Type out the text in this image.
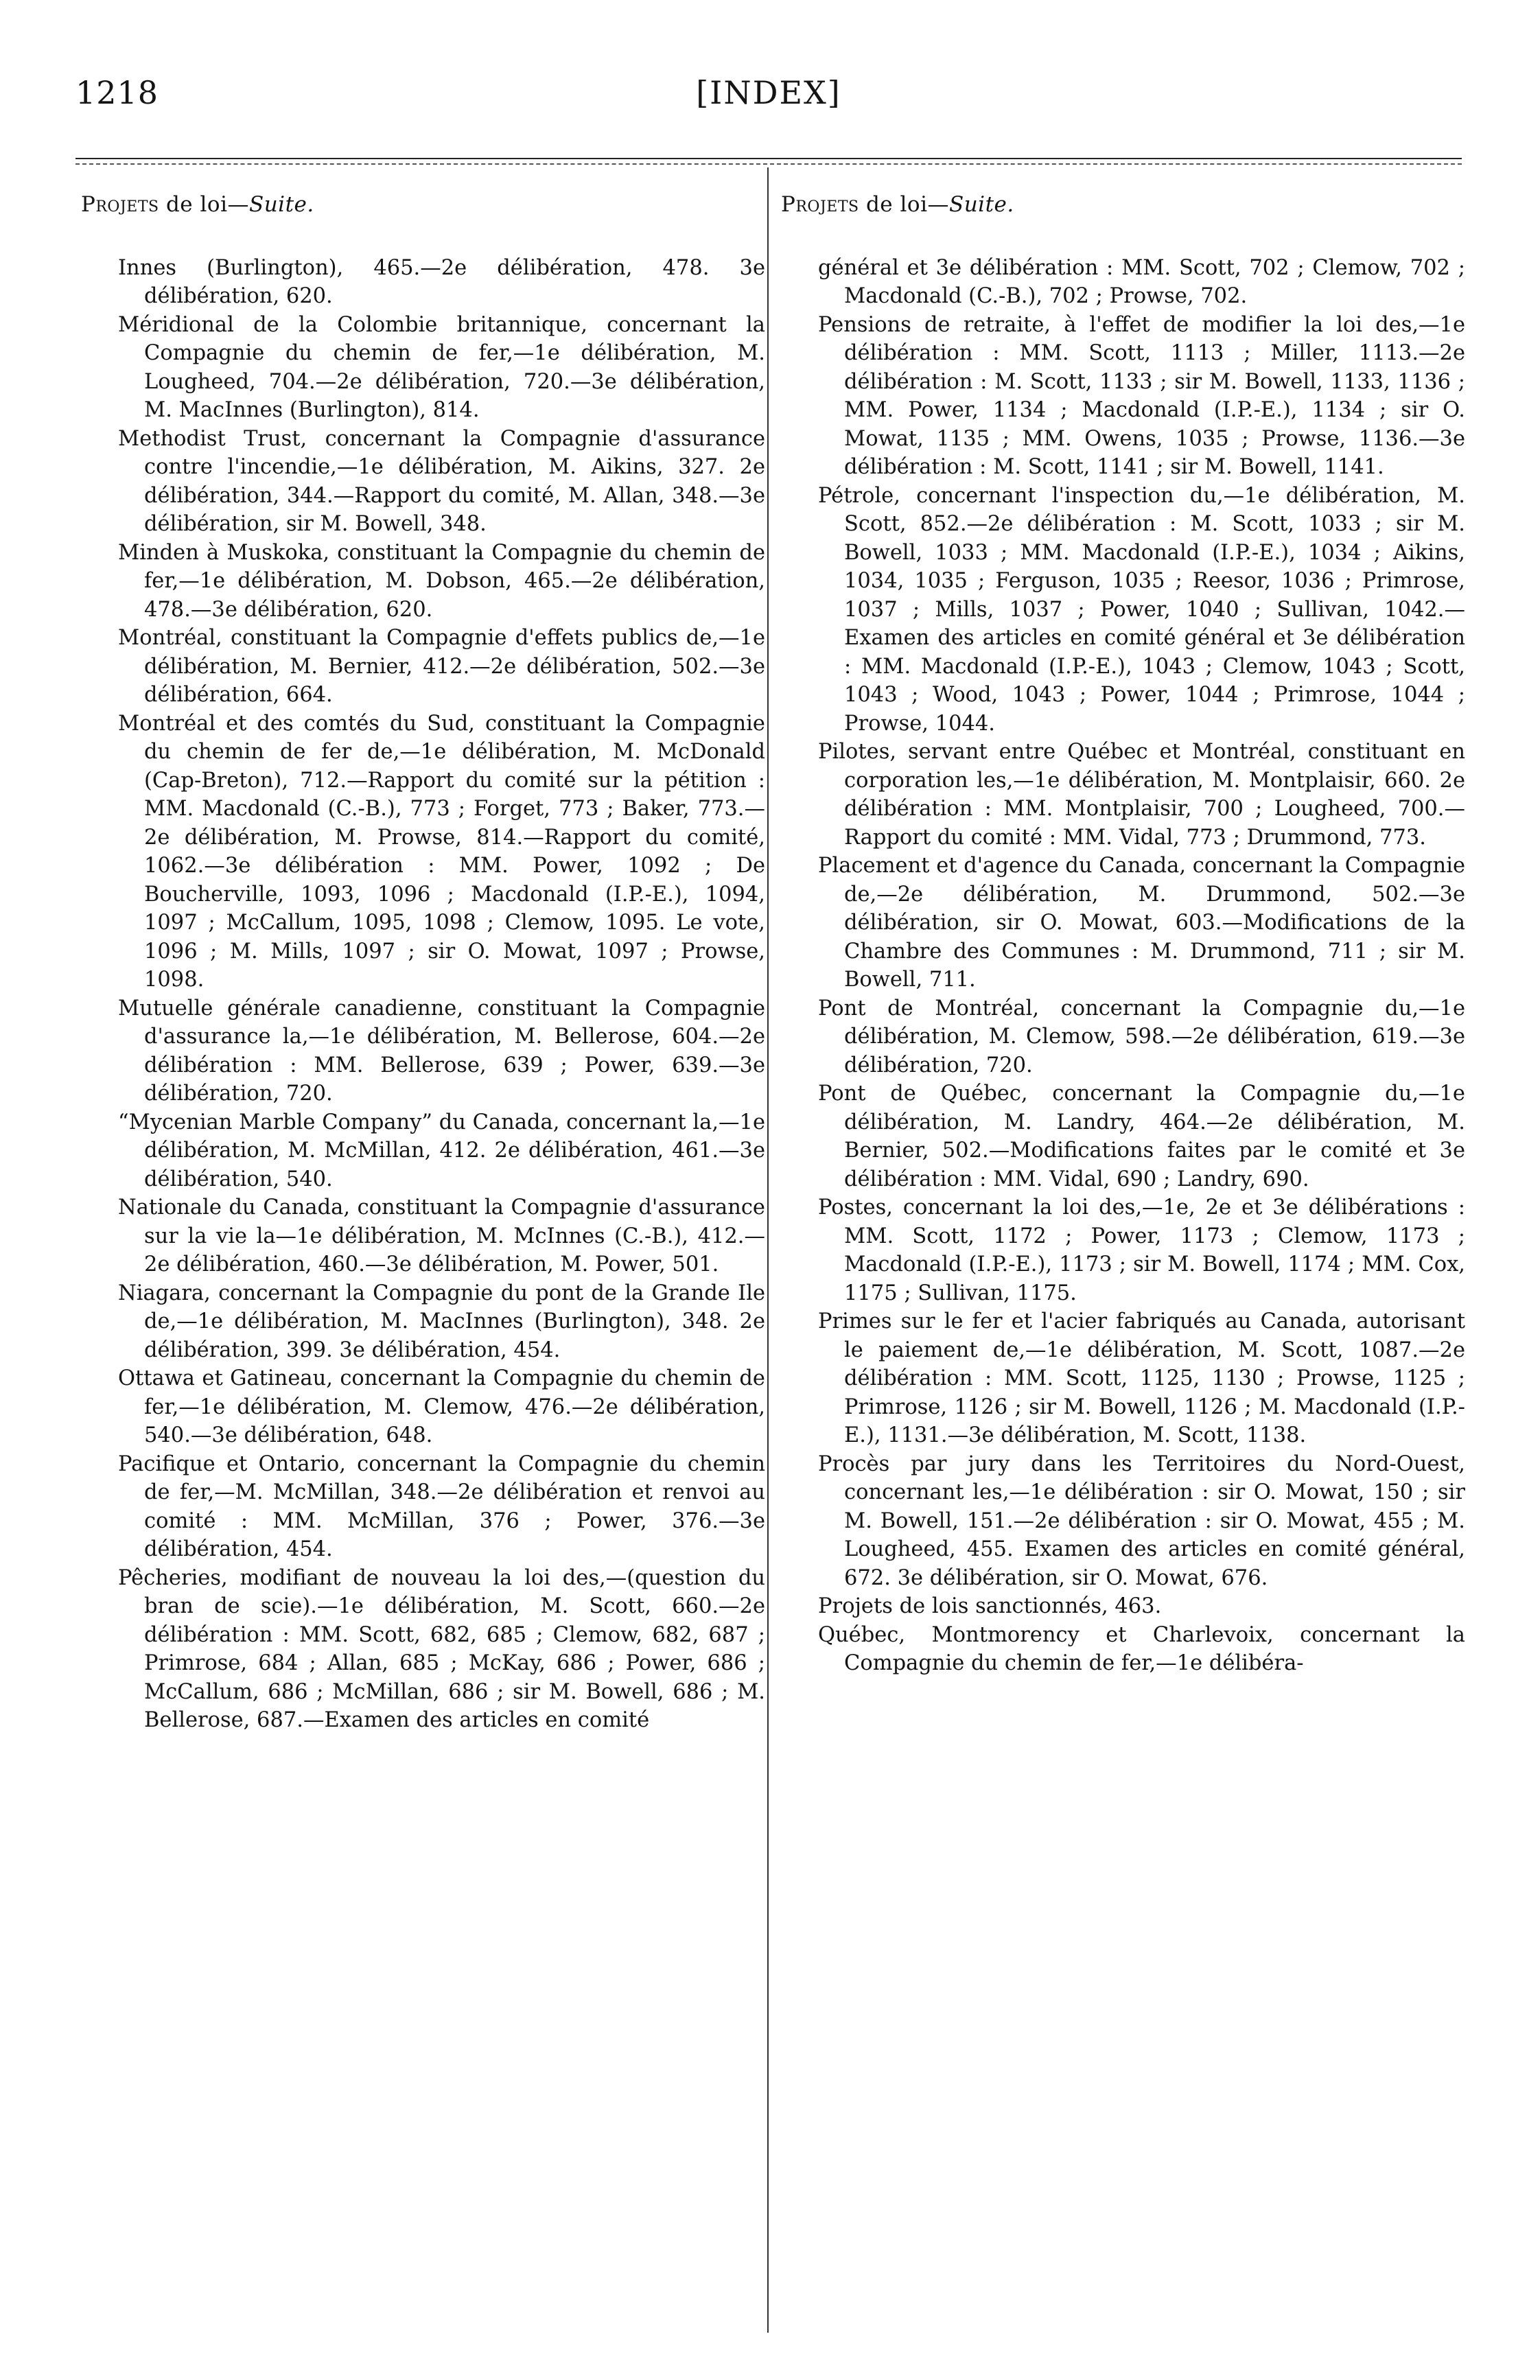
1218	[INDEX]
Projets de loi—Suite.

Innes (Burlington), 465.—2e délibération, 478. 3e délibération, 620.

Méridional de la Colombie britannique, concernant la Compagnie du chemin de fer,—1e délibération, M. Lougheed, 704.—2e délibération, 720.—3e délibération, M. MacInnes (Burlington), 814.

Methodist Trust, concernant la Compagnie d'assurance contre l'incendie,—1e délibération, M. Aikins, 327. 2e délibération, 344.—Rapport du comité, M. Allan, 348.—3e délibération, sir M. Bowell, 348.

Minden à Muskoka, constituant la Compagnie du chemin de fer,—1e délibération, M. Dobson, 465.—2e délibération, 478.—3e délibération, 620.

Montréal, constituant la Compagnie d'effets publics de,—1e délibération, M. Bernier, 412.—2e délibération, 502.—3e délibération, 664.

Montréal et des comtés du Sud, constituant la Compagnie du chemin de fer de,—1e délibération, M. McDonald (Cap-Breton), 712.—Rapport du comité sur la pétition : MM. Macdonald (C.-B.), 773 ; Forget, 773 ; Baker, 773.—2e délibération, M. Prowse, 814.—Rapport du comité, 1062.—3e délibération : MM. Power, 1092 ; De Boucherville, 1093, 1096 ; Macdonald (I.P.-E.), 1094, 1097 ; McCallum, 1095, 1098 ; Clemow, 1095. Le vote, 1096 ; M. Mills, 1097 ; sir O. Mowat, 1097 ; Prowse, 1098.

Mutuelle générale canadienne, constituant la Compagnie d'assurance la,—1e délibération, M. Bellerose, 604.—2e délibération : MM. Bellerose, 639 ; Power, 639.—3e délibération, 720.

“Mycenian Marble Company” du Canada, concernant la,—1e délibération, M. McMillan, 412. 2e délibération, 461.—3e délibération, 540.

Nationale du Canada, constituant la Compagnie d'assurance sur la vie la—1e délibération, M. McInnes (C.-B.), 412.—2e délibération, 460.—3e délibération, M. Power, 501.

Niagara, concernant la Compagnie du pont de la Grande Ile de,—1e délibération, M. MacInnes (Burlington), 348. 2e délibération, 399. 3e délibération, 454.

Ottawa et Gatineau, concernant la Compagnie du chemin de fer,—1e délibération, M. Clemow, 476.—2e délibération, 540.—3e délibération, 648.

Pacifique et Ontario, concernant la Compagnie du chemin de fer,—M. McMillan, 348.—2e délibération et renvoi au comité : MM. McMillan, 376 ; Power, 376.—3e délibération, 454.

Pêcheries, modifiant de nouveau la loi des,—(question du bran de scie).—1e délibération, M. Scott, 660.—2e délibération : MM. Scott, 682, 685 ; Clemow, 682, 687 ; Primrose, 684 ; Allan, 685 ; McKay, 686 ; Power, 686 ; McCallum, 686 ; McMillan, 686 ; sir M. Bowell, 686 ; M. Bellerose, 687.—Examen des articles en comité

Projets de loi—Suite.

général et 3e délibération : MM. Scott, 702 ; Clemow, 702 ; Macdonald (C.-B.), 702 ; Prowse, 702.

Pensions de retraite, à l'effet de modifier la loi des,—1e délibération : MM. Scott, 1113 ; Miller, 1113.—2e délibération : M. Scott, 1133 ; sir M. Bowell, 1133, 1136 ; MM. Power, 1134 ; Macdonald (I.P.-E.), 1134 ; sir O. Mowat, 1135 ; MM. Owens, 1035 ; Prowse, 1136.—3e délibération : M. Scott, 1141 ; sir M. Bowell, 1141.

Pétrole, concernant l'inspection du,—1e délibération, M. Scott, 852.—2e délibération : M. Scott, 1033 ; sir M. Bowell, 1033 ; MM. Macdonald (I.P.-E.), 1034 ; Aikins, 1034, 1035 ; Ferguson, 1035 ; Reesor, 1036 ; Primrose, 1037 ; Mills, 1037 ; Power, 1040 ; Sullivan, 1042.—Examen des articles en comité général et 3e délibération : MM. Macdonald (I.P.-E.), 1043 ; Clemow, 1043 ; Scott, 1043 ; Wood, 1043 ; Power, 1044 ; Primrose, 1044 ; Prowse, 1044.

Pilotes, servant entre Québec et Montréal, constituant en corporation les,—1e délibération, M. Montplaisir, 660. 2e délibération : MM. Montplaisir, 700 ; Lougheed, 700.—Rapport du comité : MM. Vidal, 773 ; Drummond, 773.

Placement et d'agence du Canada, concernant la Compagnie de,—2e délibération, M. Drummond, 502.—3e délibération, sir O. Mowat, 603.—Modifications de la Chambre des Communes : M. Drummond, 711 ; sir M. Bowell, 711.

Pont de Montréal, concernant la Compagnie du,—1e délibération, M. Clemow, 598.—2e délibération, 619.—3e délibération, 720.

Pont de Québec, concernant la Compagnie du,—1e délibération, M. Landry, 464.—2e délibération, M. Bernier, 502.—Modifications faites par le comité et 3e délibération : MM. Vidal, 690 ; Landry, 690.

Postes, concernant la loi des,—1e, 2e et 3e délibérations : MM. Scott, 1172 ; Power, 1173 ; Clemow, 1173 ; Macdonald (I.P.-E.), 1173 ; sir M. Bowell, 1174 ; MM. Cox, 1175 ; Sullivan, 1175.

Primes sur le fer et l'acier fabriqués au Canada, autorisant le paiement de,—1e délibération, M. Scott, 1087.—2e délibération : MM. Scott, 1125, 1130 ; Prowse, 1125 ; Primrose, 1126 ; sir M. Bowell, 1126 ; M. Macdonald (I.P.-E.), 1131.—3e délibération, M. Scott, 1138.

Procès par jury dans les Territoires du Nord-Ouest, concernant les,—1e délibération : sir O. Mowat, 150 ; sir M. Bowell, 151.—2e délibération : sir O. Mowat, 455 ; M. Lougheed, 455. Examen des articles en comité général, 672. 3e délibération, sir O. Mowat, 676.

Projets de lois sanctionnés, 463.

Québec, Montmorency et Charlevoix, concernant la Compagnie du chemin de fer,—1e délibéra-
